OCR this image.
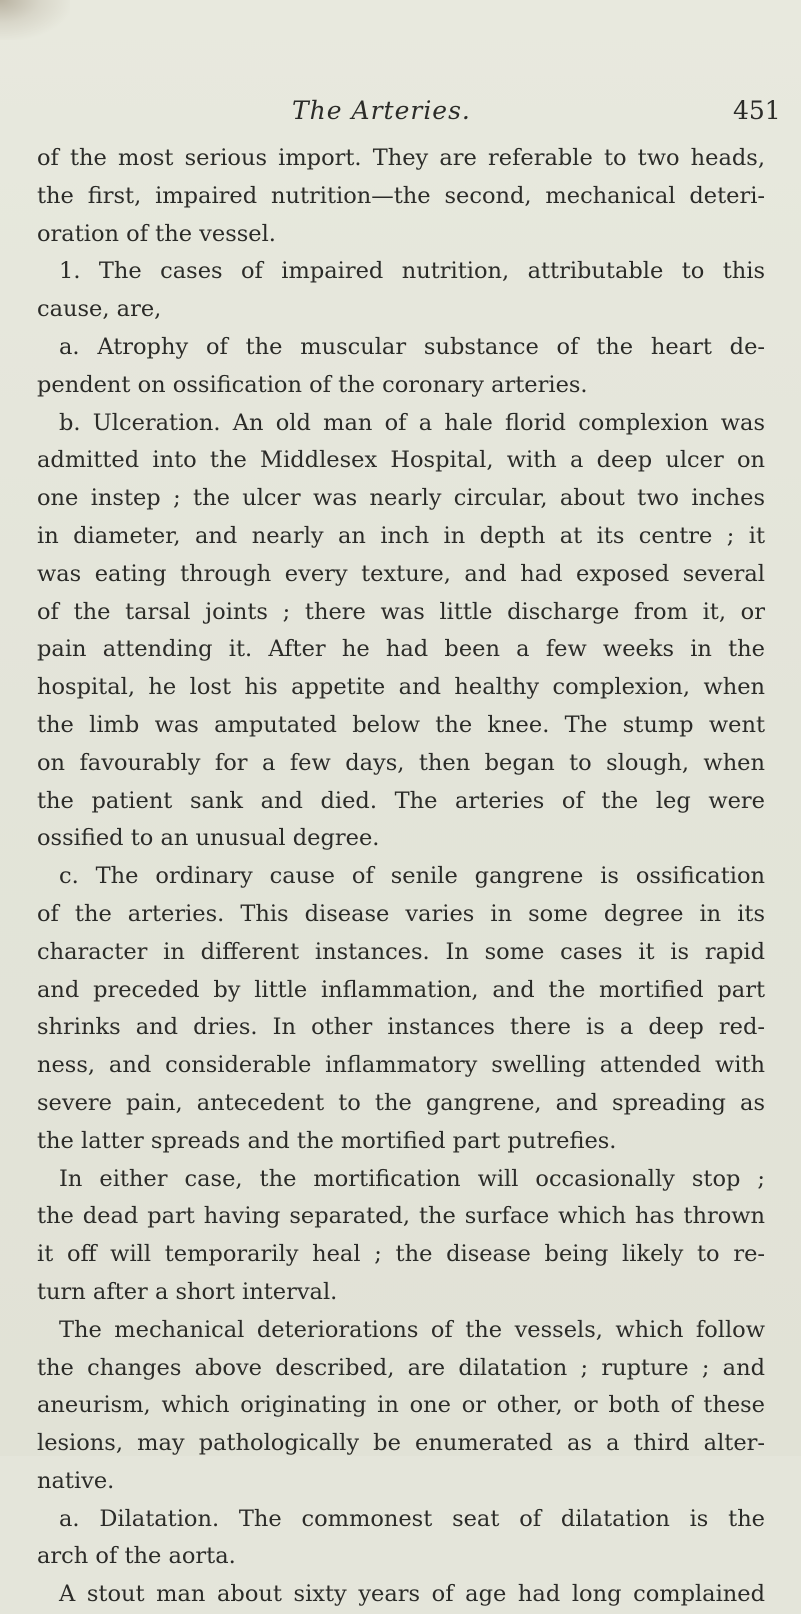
The Arteries.	451
of the most serious import. They are referable to two heads,
the first, impaired nutrition—the second, mechanical deteri-
oration of the vessel.
1. The cases of impaired nutrition, attributable to this
cause, are,
a. Atrophy of the muscular substance of the heart de-
pendent on ossification of the coronary arteries.
b. Ulceration. An old man of a hale florid complexion was
admitted into the Middlesex Hospital, with a deep ulcer on
one instep ; the ulcer was nearly circular, about two inches
in diameter, and nearly an inch in depth at its centre ; it
was eating through every texture, and had exposed several
of the tarsal joints ; there was little discharge from it, or
pain attending it. After he had been a few weeks in the
hospital, he lost his appetite and healthy complexion, when
the limb was amputated below the knee. The stump went
on favourably for a few days, then began to slough, when
the patient sank and died. The arteries of the leg were
ossified to an unusual degree.
c. The ordinary cause of senile gangrene is ossification
of the arteries. This disease varies in some degree in its
character in different instances. In some cases it is rapid
and preceded by little inflammation, and the mortified part
shrinks and dries. In other instances there is a deep red-
ness, and considerable inflammatory swelling attended with
severe pain, antecedent to the gangrene, and spreading as
the latter spreads and the mortified part putrefies.
In either case, the mortification will occasionally stop ;
the dead part having separated, the surface which has thrown
it off will temporarily heal ; the disease being likely to re-
turn after a short interval.
The mechanical deteriorations of the vessels, which follow
the changes above described, are dilatation ; rupture ; and
aneurism, which originating in one or other, or both of these
lesions, may pathologically be enumerated as a third alter-
native.
a. Dilatation. The commonest seat of dilatation is the
arch of the aorta.
A stout man about sixty years of age had long complained
